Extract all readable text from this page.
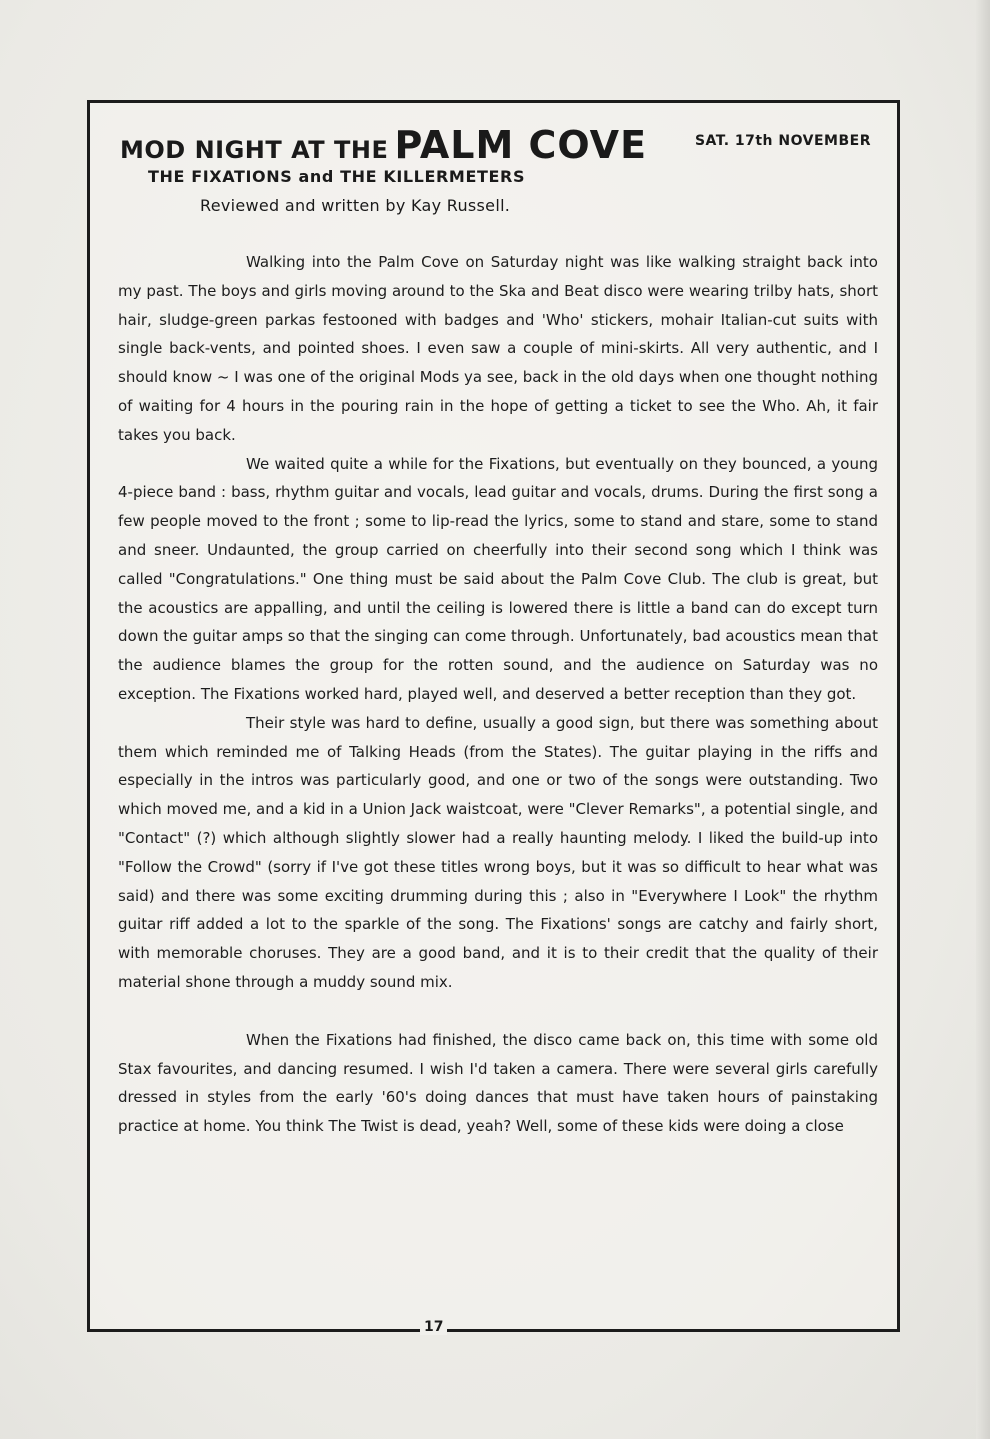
MOD NIGHT AT THE PALM COVE	SAT. 17th NOVEMBER
THE FIXATIONS and THE KILLERMETERS
Reviewed and written by Kay Russell.

Walking into the Palm Cove on Saturday night was like walking straight back into my past. The boys and girls moving around to the Ska and Beat disco were wearing trilby hats, short hair, sludge-green parkas festooned with badges and 'Who' stickers, mohair Italian-cut suits with single back-vents, and pointed shoes. I even saw a couple of mini-skirts. All very authentic, and I should know ~ I was one of the original Mods ya see, back in the old days when one thought nothing of waiting for 4 hours in the pouring rain in the hope of getting a ticket to see the Who. Ah, it fair takes you back.

We waited quite a while for the Fixations, but eventually on they bounced, a young 4-piece band : bass, rhythm guitar and vocals, lead guitar and vocals, drums. During the first song a few people moved to the front ; some to lip-read the lyrics, some to stand and stare, some to stand and sneer. Undaunted, the group carried on cheerfully into their second song which I think was called "Congratulations." One thing must be said about the Palm Cove Club. The club is great, but the acoustics are appalling, and until the ceiling is lowered there is little a band can do except turn down the guitar amps so that the singing can come through. Unfortunately, bad acoustics mean that the audience blames the group for the rotten sound, and the audience on Saturday was no exception. The Fixations worked hard, played well, and deserved a better reception than they got.

Their style was hard to define, usually a good sign, but there was something about them which reminded me of Talking Heads (from the States). The guitar playing in the riffs and especially in the intros was particularly good, and one or two of the songs were outstanding. Two which moved me, and a kid in a Union Jack waistcoat, were "Clever Remarks", a potential single, and "Contact" (?) which although slightly slower had a really haunting melody. I liked the build-up into "Follow the Crowd" (sorry if I've got these titles wrong boys, but it was so difficult to hear what was said) and there was some exciting drumming during this ; also in "Everywhere I Look" the rhythm guitar riff added a lot to the sparkle of the song. The Fixations' songs are catchy and fairly short, with memorable choruses. They are a good band, and it is to their credit that the quality of their material shone through a muddy sound mix.

When the Fixations had finished, the disco came back on, this time with some old Stax favourites, and dancing resumed. I wish I'd taken a camera. There were several girls carefully dressed in styles from the early '60's doing dances that must have taken hours of painstaking practice at home. You think The Twist is dead, yeah? Well, some of these kids were doing a close

17
